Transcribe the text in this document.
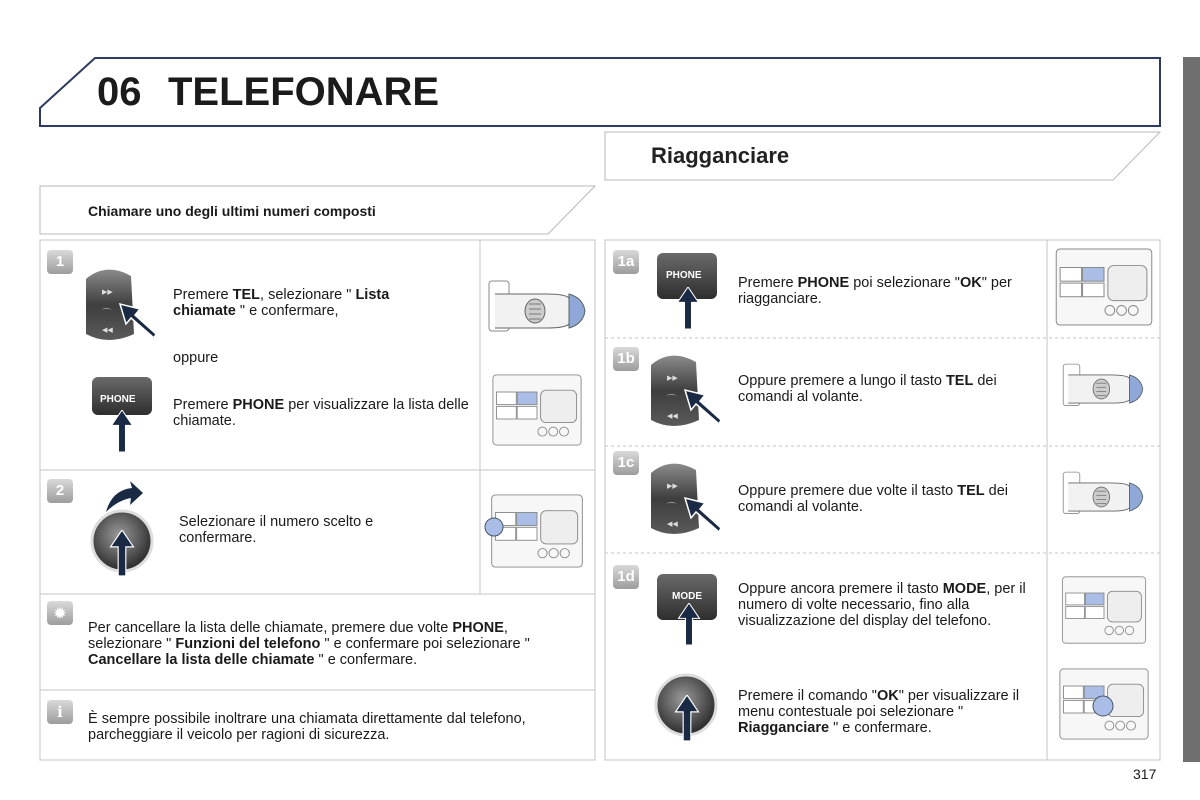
PHONE
PHONE
MODE
06 TELEFONARE
Riagganciare
Chiamare uno degli ultimi numeri composti
1
Premere TEL, selezionare " Lista chiamate " e confermare,
oppure
Premere PHONE per visualizzare la lista delle chiamate.
2
Selezionare il numero scelto e confermare.
✹
Per cancellare la lista delle chiamate, premere due volte PHONE, selezionare " Funzioni del telefono " e confermare poi selezionare " Cancellare la lista delle chiamate " e confermare.
i	È sempre possibile inoltrare una chiamata direttamente dal telefono, parcheggiare il veicolo per ragioni di sicurezza.
1a
Premere PHONE poi selezionare "OK" per riagganciare.
1b
Oppure premere a lungo il tasto TEL dei comandi al volante.
1c
Oppure premere due volte il tasto TEL dei comandi al volante.
1d
Oppure ancora premere il tasto MODE, per il numero di volte necessario, fino alla visualizzazione del display del telefono.
Premere il comando "OK" per visualizzare il menu contestuale poi selezionare " Riagganciare " e confermare.
317
